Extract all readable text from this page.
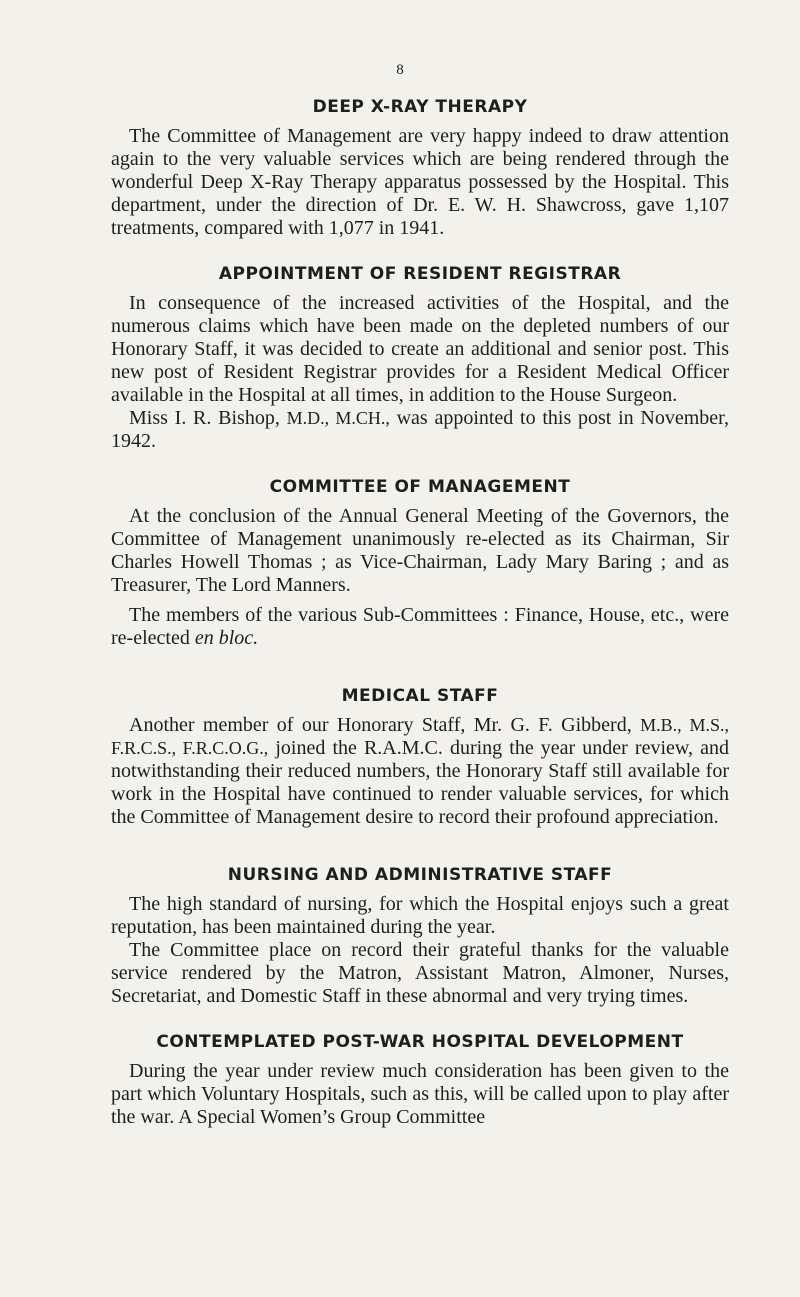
8
DEEP X-RAY THERAPY

The Committee of Management are very happy indeed to draw attention again to the very valuable services which are being rendered through the wonderful Deep X-Ray Therapy apparatus possessed by the Hospital. This department, under the direction of Dr. E. W. H. Shawcross, gave 1,107 treatments, compared with 1,077 in 1941.

APPOINTMENT OF RESIDENT REGISTRAR

In consequence of the increased activities of the Hospital, and the numerous claims which have been made on the depleted numbers of our Honorary Staff, it was decided to create an additional and senior post. This new post of Resident Registrar provides for a Resident Medical Officer available in the Hospital at all times, in addition to the House Surgeon.

Miss I. R. Bishop, M.D., M.CH., was appointed to this post in November, 1942.

COMMITTEE OF MANAGEMENT

At the conclusion of the Annual General Meeting of the Governors, the Committee of Management unanimously re-elected as its Chairman, Sir Charles Howell Thomas ; as Vice-Chairman, Lady Mary Baring ; and as Treasurer, The Lord Manners.

The members of the various Sub-Committees : Finance, House, etc., were re-elected en bloc.

MEDICAL STAFF

Another member of our Honorary Staff, Mr. G. F. Gibberd, M.B., M.S., F.R.C.S., F.R.C.O.G., joined the R.A.M.C. during the year under review, and notwithstanding their reduced numbers, the Honorary Staff still available for work in the Hospital have continued to render valuable services, for which the Committee of Management desire to record their profound appreciation.

NURSING AND ADMINISTRATIVE STAFF

The high standard of nursing, for which the Hospital enjoys such a great reputation, has been maintained during the year.

The Committee place on record their grateful thanks for the valuable service rendered by the Matron, Assistant Matron, Almoner, Nurses, Secretariat, and Domestic Staff in these abnormal and very trying times.

CONTEMPLATED POST-WAR HOSPITAL DEVELOPMENT

During the year under review much consideration has been given to the part which Voluntary Hospitals, such as this, will be called upon to play after the war. A Special Women’s Group Committee
